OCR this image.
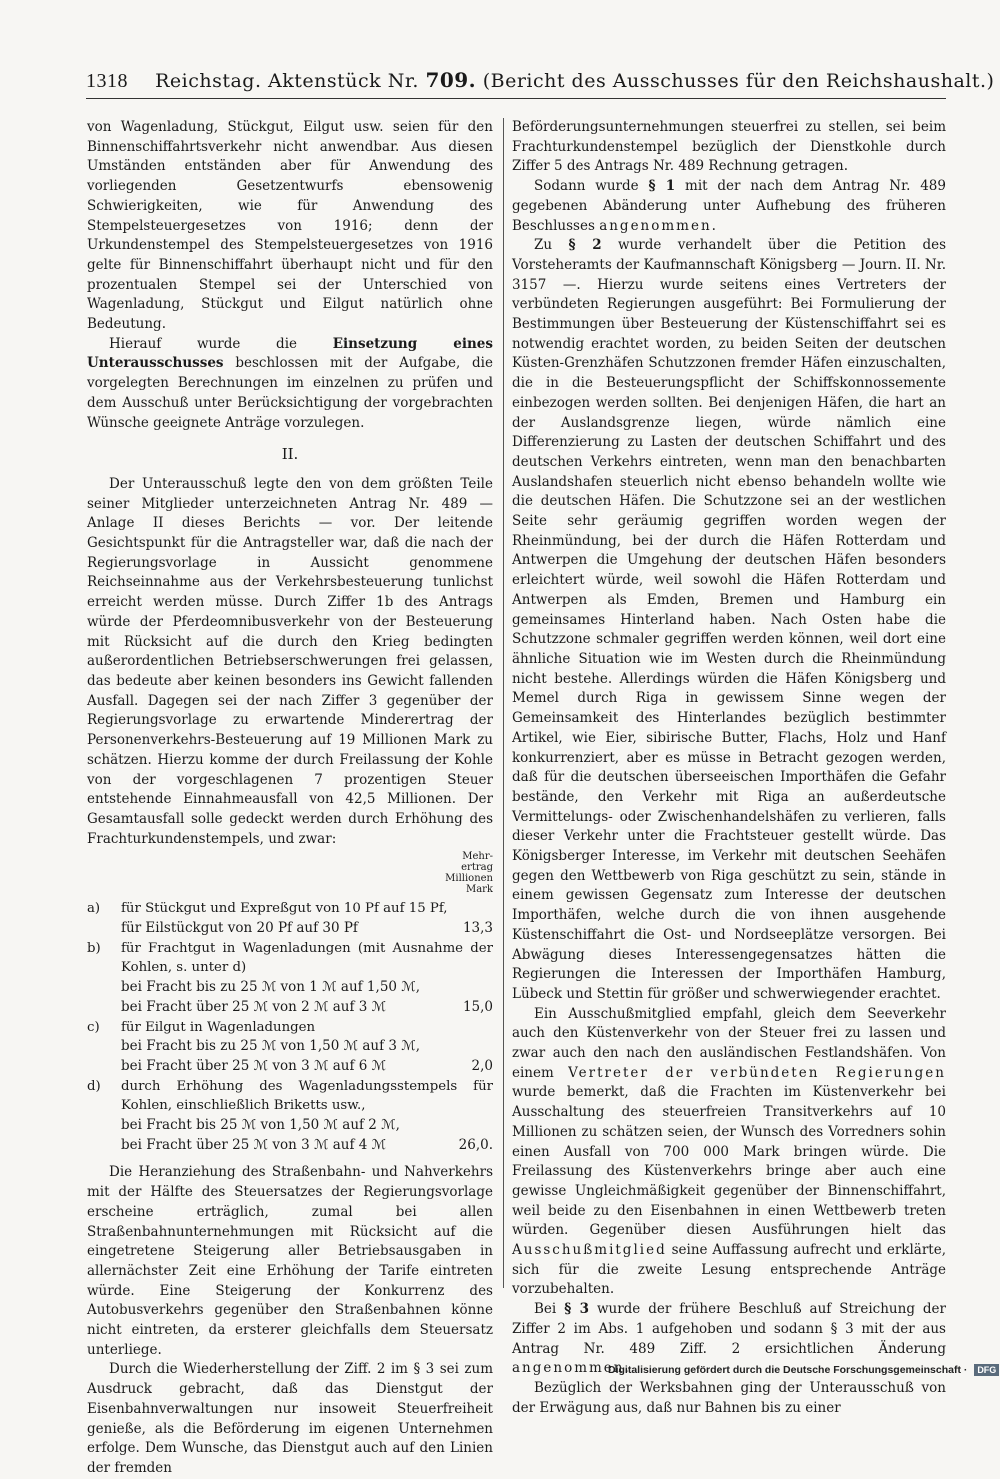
1318 Reichstag. Aktenstück Nr. 709. (Bericht des Ausschusses für den Reichshaushalt.)

von Wagenladung, Stückgut, Eilgut usw. seien für den Binnenschiffahrtsverkehr nicht anwendbar. Aus diesen Umständen entständen aber für Anwendung des vorliegenden Gesetzentwurfs ebensowenig Schwierigkeiten, wie für Anwendung des Stempelsteuergesetzes von 1916; denn der Urkundenstempel des Stempelsteuergesetzes von 1916 gelte für Binnenschiffahrt überhaupt nicht und für den prozentualen Stempel sei der Unterschied von Wagenladung, Stückgut und Eilgut natürlich ohne Bedeutung.

Hierauf wurde die	Einsetzung eines Unterausschusses beschlossen mit der Aufgabe, die vorgelegten Berechnungen im einzelnen zu prüfen und dem Ausschuß unter Berücksichtigung der vorgebrachten Wünsche geeignete Anträge vorzulegen.

II.

Der Unterausschuß legte den von dem größten Teile seiner Mitglieder unterzeichneten Antrag Nr. 489 — Anlage II dieses Berichts — vor. Der leitende Gesichtspunkt für die Antragsteller war, daß die nach der Regierungsvorlage in Aussicht genommene Reichseinnahme aus der Verkehrsbesteuerung tunlichst erreicht werden müsse. Durch Ziffer 1b des Antrags würde der Pferdeomnibusverkehr von der Besteuerung mit Rücksicht auf die durch den Krieg bedingten außerordentlichen Betriebserschwerungen frei gelassen, das bedeute aber keinen besonders ins Gewicht fallenden Ausfall. Dagegen sei der nach Ziffer 3 gegenüber der Regierungsvorlage zu erwartende Minderertrag der Personenverkehrs-Besteuerung auf 19 Millionen Mark zu schätzen. Hierzu komme der durch Freilassung der Kohle von der vorgeschlagenen 7 prozentigen Steuer entstehende Einnahmeausfall von 42,5 Millionen. Der Gesamtausfall solle gedeckt werden durch Erhöhung des Frachturkundenstempels, und zwar:

Mehr-
ertrag
Millionen
Mark
a)	für Stückgut und Expreßgut von 10 Pf auf 15 Pf,
für Eilstückgut von 20 Pf auf 30 Pf	13,3
b)	für Frachtgut in Wagenladungen (mit Ausnahme der Kohlen, s. unter d)
bei Fracht bis zu 25 ℳ von 1 ℳ auf 1,50 ℳ,
bei Fracht über 25 ℳ von 2 ℳ auf 3 ℳ	15,0
c)	für Eilgut in Wagenladungen
bei Fracht bis zu 25 ℳ von 1,50 ℳ auf 3 ℳ,
bei Fracht über 25 ℳ von 3 ℳ auf 6 ℳ	2,0
d)	durch Erhöhung des Wagenladungsstempels für Kohlen, einschließlich Briketts usw.,
bei Fracht bis 25 ℳ von 1,50 ℳ auf 2 ℳ,
bei Fracht über 25 ℳ von 3 ℳ auf 4 ℳ	26,0.

Die Heranziehung des Straßenbahn- und Nahverkehrs mit der Hälfte des Steuersatzes der Regierungsvorlage erscheine erträglich, zumal bei allen Straßenbahnunternehmungen mit Rücksicht auf die eingetretene Steigerung aller Betriebsausgaben in allernächster Zeit eine Erhöhung der Tarife eintreten würde. Eine Steigerung der Konkurrenz des Autobusverkehrs gegenüber den Straßenbahnen könne nicht eintreten, da ersterer gleichfalls dem Steuersatz unterliege.

Durch die Wiederherstellung der Ziff. 2 im § 3 sei zum Ausdruck gebracht, daß das Dienstgut der Eisenbahnverwaltungen nur insoweit Steuerfreiheit genieße, als die Beförderung im eigenen Unternehmen erfolge. Dem Wunsche, das Dienstgut auch auf den Linien der fremden

Beförderungsunternehmungen steuerfrei zu stellen, sei beim Frachturkundenstempel bezüglich der Dienstkohle durch Ziffer 5 des Antrags Nr. 489 Rechnung getragen.

Sodann wurde § 1 mit der nach dem Antrag Nr. 489 gegebenen Abänderung unter Aufhebung des früheren Beschlusses angenommen.

Zu § 2 wurde verhandelt über die Petition des Vorsteheramts der Kaufmannschaft Königsberg — Journ. II. Nr. 3157 —. Hierzu wurde seitens eines Vertreters der verbündeten Regierungen ausgeführt: Bei Formulierung der Bestimmungen über Besteuerung der Küstenschiffahrt sei es notwendig erachtet worden, zu beiden Seiten der deutschen Küsten-Grenzhäfen Schutzzonen fremder Häfen einzuschalten, die in die Besteuerungspflicht der Schiffskonnossemente einbezogen werden sollten. Bei denjenigen Häfen, die hart an der Auslandsgrenze liegen, würde nämlich eine Differenzierung zu Lasten der deutschen Schiffahrt und des deutschen Verkehrs eintreten, wenn man den benachbarten Auslandshafen steuerlich nicht ebenso behandeln wollte wie die deutschen Häfen. Die Schutzzone sei an der westlichen Seite sehr geräumig gegriffen worden wegen der Rheinmündung, bei der durch die Häfen Rotterdam und Antwerpen die Umgehung der deutschen Häfen besonders erleichtert würde, weil sowohl die Häfen Rotterdam und Antwerpen als Emden, Bremen und Hamburg ein gemeinsames Hinterland haben. Nach Osten habe die Schutzzone schmaler gegriffen werden können, weil dort eine ähnliche Situation wie im Westen durch die Rheinmündung nicht bestehe. Allerdings würden die Häfen Königsberg und Memel durch Riga in gewissem Sinne wegen der Gemeinsamkeit des Hinterlandes bezüglich bestimmter Artikel, wie Eier, sibirische Butter, Flachs, Holz und Hanf konkurrenziert, aber es müsse in Betracht gezogen werden, daß für die deutschen überseeischen Importhäfen die Gefahr bestände, den Verkehr mit Riga an außerdeutsche Vermittelungs- oder Zwischenhandelshäfen zu verlieren, falls dieser Verkehr unter die Frachtsteuer gestellt würde. Das Königsberger Interesse, im Verkehr mit deutschen Seehäfen gegen den Wettbewerb von Riga geschützt zu sein, stände in einem gewissen Gegensatz zum Interesse der deutschen Importhäfen, welche durch die von ihnen ausgehende Küstenschiffahrt die Ost- und Nordseeplätze versorgen. Bei Abwägung dieses Interessengegensatzes hätten die Regierungen die Interessen der Importhäfen Hamburg, Lübeck und Stettin für größer und schwerwiegender erachtet.

Ein Ausschußmitglied empfahl, gleich dem Seeverkehr auch den Küstenverkehr von der Steuer frei zu lassen und zwar auch den nach den ausländischen Festlandshäfen. Von einem Vertreter der verbündeten Regierungen wurde bemerkt, daß die Frachten im Küstenverkehr bei Ausschaltung des steuerfreien Transitverkehrs auf 10 Millionen zu schätzen seien, der Wunsch des Vorredners sohin einen Ausfall von 700 000 Mark bringen würde. Die Freilassung des Küstenverkehrs bringe aber auch eine gewisse Ungleichmäßigkeit gegenüber der Binnenschiffahrt, weil beide zu den Eisenbahnen in einen Wettbewerb treten würden. Gegenüber diesen Ausführungen hielt das Ausschußmitglied seine Auffassung aufrecht und erklärte, sich für die zweite Lesung entsprechende Anträge vorzubehalten.

Bei § 3 wurde der frühere Beschluß auf Streichung der Ziffer 2 im Abs. 1 aufgehoben und sodann § 3 mit der aus Antrag Nr. 489 Ziff. 2 ersichtlichen Änderung angenommen.

Bezüglich der Werksbahnen ging der Unterausschuß von der Erwägung aus, daß nur Bahnen bis zu einer

Digitalisierung gefördert durch die Deutsche Forschungsgemeinschaft · DFG
